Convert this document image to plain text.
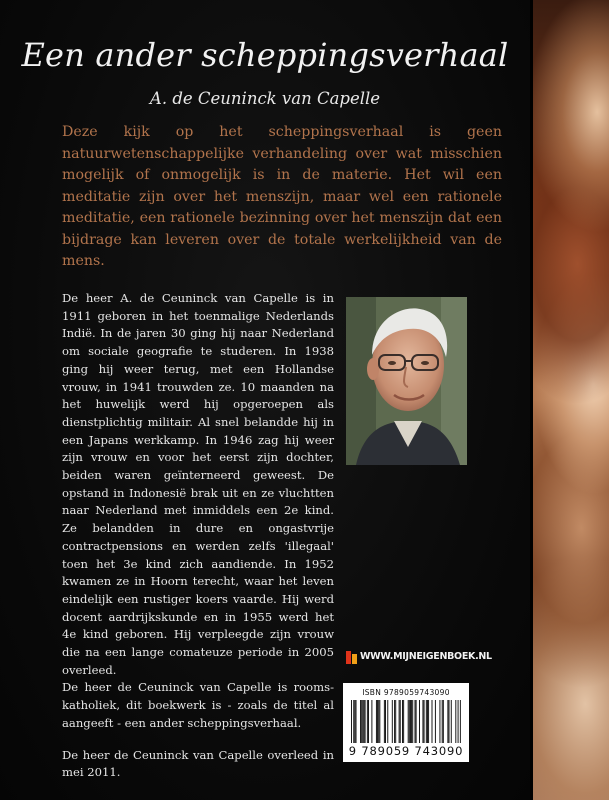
Een ander scheppingsverhaal
A. de Ceuninck van Capelle

Deze kijk op het scheppingsverhaal is geen natuurwetenschappelijke verhandeling over wat misschien mogelijk of onmogelijk is in de materie. Het wil een meditatie zijn over het menszijn, maar wel een rationele meditatie, een rationele bezinning over het menszijn dat een bijdrage kan leveren over de totale werkelijkheid van de mens.

De heer A. de Ceuninck van Capelle is in 1911 geboren in het toenmalige Nederlands Indië. In de jaren 30 ging hij naar Nederland om sociale geografie te studeren. In 1938 ging hij weer terug, met een Hollandse vrouw, in 1941 trouwden ze. 10 maanden na het huwelijk werd hij opgeroepen als dienstplichtig militair. Al snel belandde hij in een Japans werkkamp. In 1946 zag hij weer zijn vrouw en voor het eerst zijn dochter, beiden waren geïnterneerd geweest. De opstand in Indonesië brak uit en ze vluchtten naar Nederland met inmiddels een 2e kind. Ze belandden in dure en ongastvrije contractpensions en werden zelfs 'illegaal' toen het 3e kind zich aandiende. In 1952 kwamen ze in Hoorn terecht, waar het leven eindelijk een rustiger koers vaarde. Hij werd docent aardrijkskunde en in 1955 werd het 4e kind geboren. Hij verpleegde zijn vrouw die na een lange comateuze periode in 2005 overleed.

De heer de Ceuninck van Capelle is rooms-katholiek, dit boekwerk is - zoals de titel al aangeeft - een ander scheppingsverhaal.

De heer de Ceuninck van Capelle overleed in mei 2011.

WWW.MIJNEIGENBOEK.NL
ISBN 9789059743090
9 789059 743090
